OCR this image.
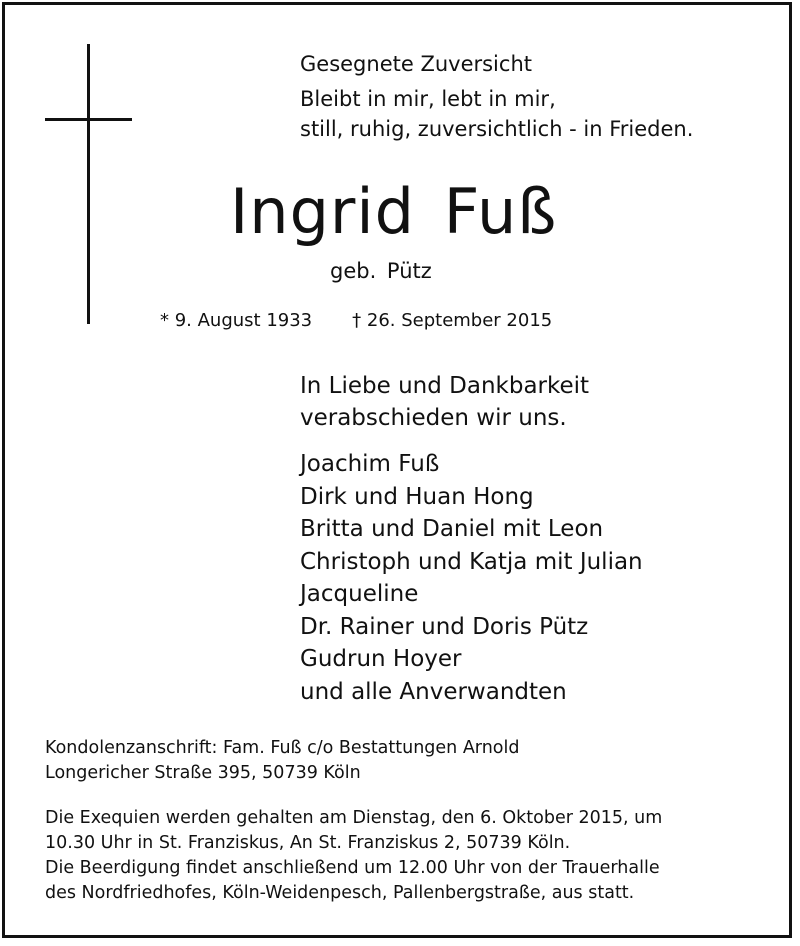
Gesegnete Zuversicht

Bleibt in mir, lebt in mir,
still, ruhig, zuversichtlich - in Frieden.
Ingrid Fuß

geb. Pütz

* 9. August 1933 † 26. September 2015
In Liebe und Dankbarkeit
verabschieden wir uns.
Joachim Fuß
Dirk und Huan Hong
Britta und Daniel mit Leon
Christoph und Katja mit Julian
Jacqueline
Dr. Rainer und Doris Pütz
Gudrun Hoyer
und alle Anverwandten
Kondolenzanschrift: Fam. Fuß c/o Bestattungen Arnold
Longericher Straße 395, 50739 Köln
Die Exequien werden gehalten am Dienstag, den 6. Oktober 2015, um
10.30 Uhr in St. Franziskus, An St. Franziskus 2, 50739 Köln.
Die Beerdigung findet anschließend um 12.00 Uhr von der Trauerhalle
des Nordfriedhofes, Köln-Weidenpesch, Pallenbergstraße, aus statt.
